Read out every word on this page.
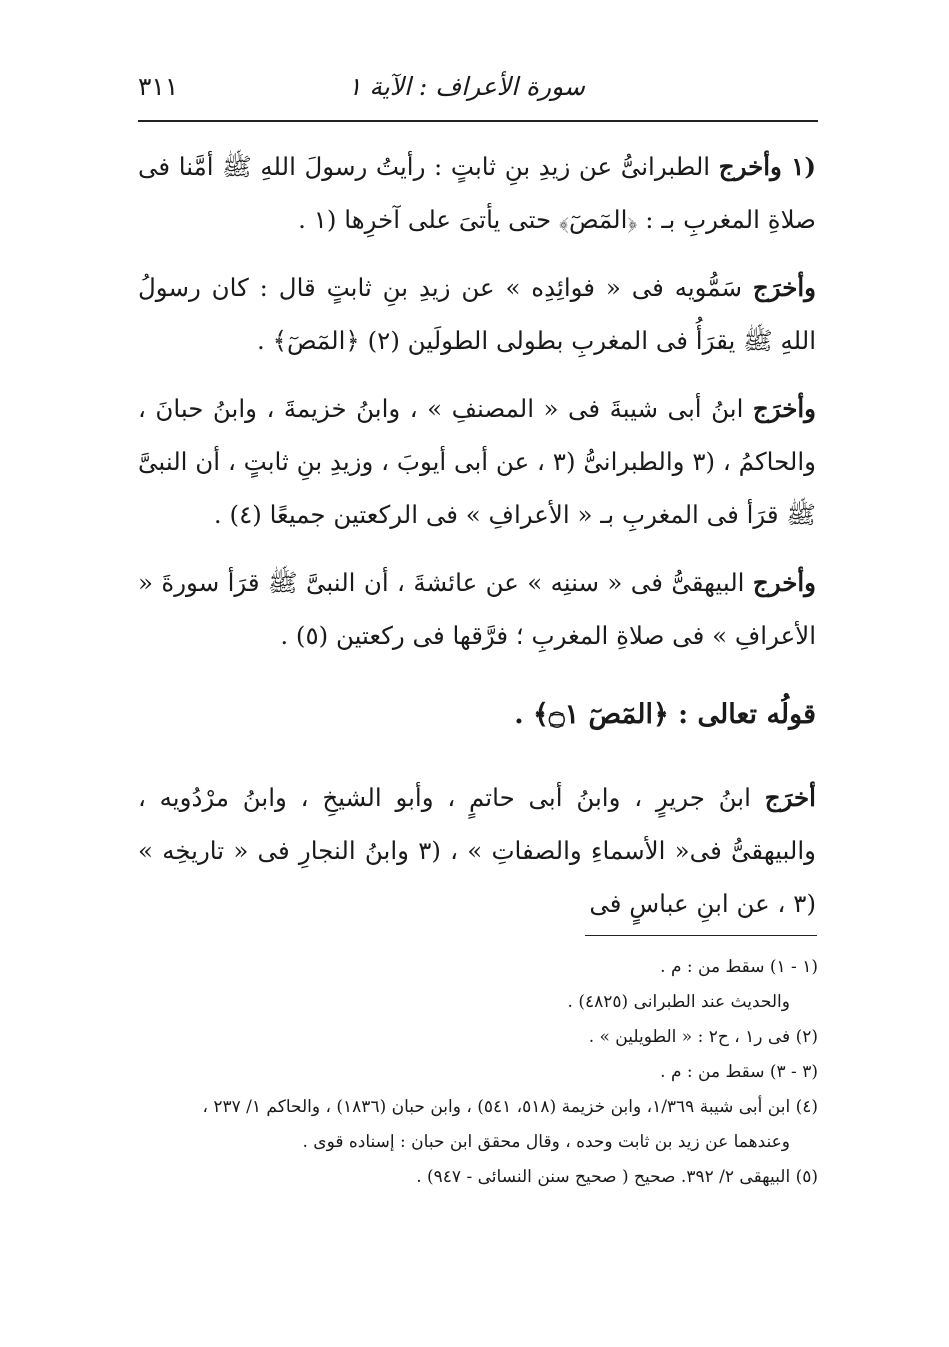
سورة الأعراف : الآية ١
٣١١

(١ وأخرج الطبرانىُّ عن زيدِ بنِ ثابتٍ : رأيتُ رسولَ اللهِ ﷺ أمَّنا فى صلاةِ المغربِ بـ : ﴿المٓصٓ﴾ حتى يأتىَ على آخرِها (١ .

وأخرَج سَمُّويه فى « فوائِدِه » عن زيدِ بنِ ثابتٍ قال : كان رسولُ اللهِ ﷺ يقرَأُ فى المغربِ بطولى الطولَين (٢) ﴿المٓصٓ﴾ .

وأخرَج ابنُ أبى شيبةَ فى « المصنفِ » ، وابنُ خزيمةَ ، وابنُ حبانَ ، والحاكمُ ، (٣ والطبرانىُّ (٣ ، عن أبى أيوبَ ، وزيدِ بنِ ثابتٍ ، أن النبىَّ ﷺ قرَأ فى المغربِ بـ « الأعرافِ » فى الركعتين جميعًا (٤) .

وأخرج البيهقىُّ فى « سننِه » عن عائشةَ ، أن النبىَّ ﷺ قرَأ سورةَ « الأعرافِ » فى صلاةِ المغربِ ؛ فرَّقها فى ركعتين (٥) .

قولُه تعالى : ﴿المٓصٓ ۝١﴾ .

أخرَج ابنُ جريرٍ ، وابنُ أبى حاتمٍ ، وأبو الشيخِ ، وابنُ مرْدُويه ، والبيهقىُّ فى« الأسماءِ والصفاتِ » ، (٣ وابنُ النجارِ فى « تاريخِه » (٣ ، عن ابنِ عباسٍ فى

(١ - ١) سقط من : م .

والحديث عند الطبرانى (٤٨٢٥) .

(٢) فى ر١ ، ح٢ : « الطويلين » .

(٣ - ٣) سقط من : م .

(٤) ابن أبى شيبة ١/٣٦٩، وابن خزيمة (٥١٨، ٥٤١) ، وابن حبان (١٨٣٦) ، والحاكم ١/ ٢٣٧ ،

وعندهما عن زيد بن ثابت وحده ، وقال محقق ابن حبان : إسناده قوى .

(٥) البيهقى ٢/ ٣٩٢. صحيح ( صحيح سنن النسائى - ٩٤٧) .
